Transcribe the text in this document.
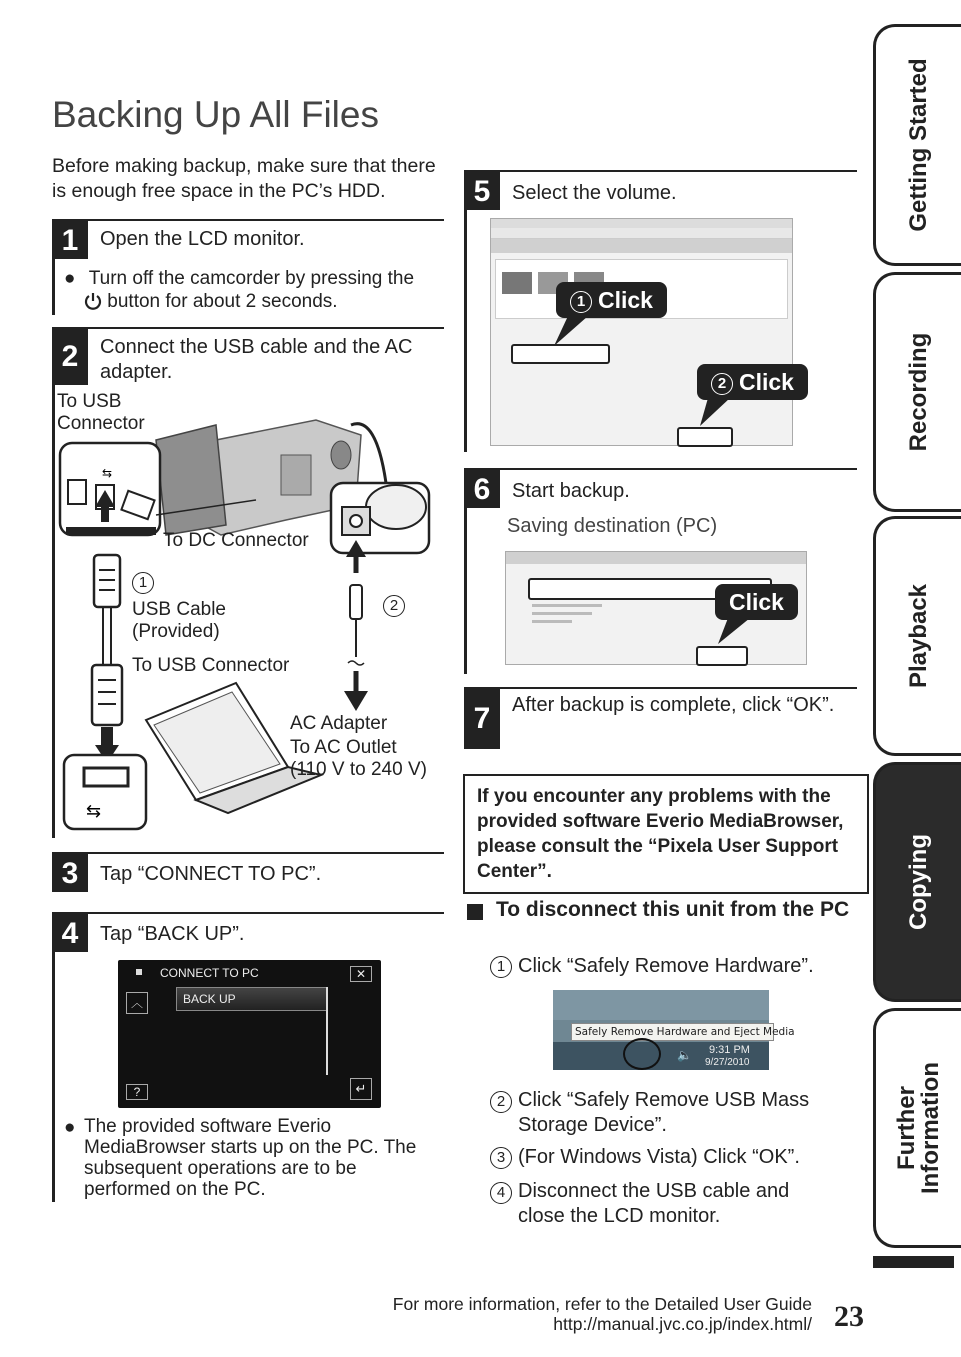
Backing Up All Files
Before making backup, make sure that there is enough free space in the PC’s HDD.
1	Open the LCD monitor.
● Turn off the camcorder by pressing the
button for about 2 seconds.
2	Connect the USB cable and the AC adapter.
⇆
⇆
To USB Connector
To DC Connector
1
USB Cable (Provided)
2
To USB Connector
AC Adapter
To AC Outlet
(110 V to 240 V)
3	Tap “CONNECT TO PC”.
4	Tap “BACK UP”.
CONNECT TO PC	✕
︿	BACK UP
?	↵
● The provided software Everio MediaBrowser starts up on the PC. The subsequent operations are to be performed on the PC.
5	Select the volume.
1 Click
2 Click
6	Start backup.
Saving destination (PC)
Click
7	After backup is complete, click “OK”.
If you encounter any problems with the provided software Everio MediaBrowser, please consult the “Pixela User Support Center”.
To disconnect this unit from the PC
1 Click “Safely Remove Hardware”.
Safely Remove Hardware and Eject Media
🔈 9:31 PM
9/27/2010
2 Click “Safely Remove USB Mass Storage Device”.
3 (For Windows Vista) Click “OK”.
4 Disconnect the USB cable and close the LCD monitor.
Getting Started
Recording
Playback
Copying
Further Information
For more information, refer to the Detailed User Guide
http://manual.jvc.co.jp/index.html/ 23
